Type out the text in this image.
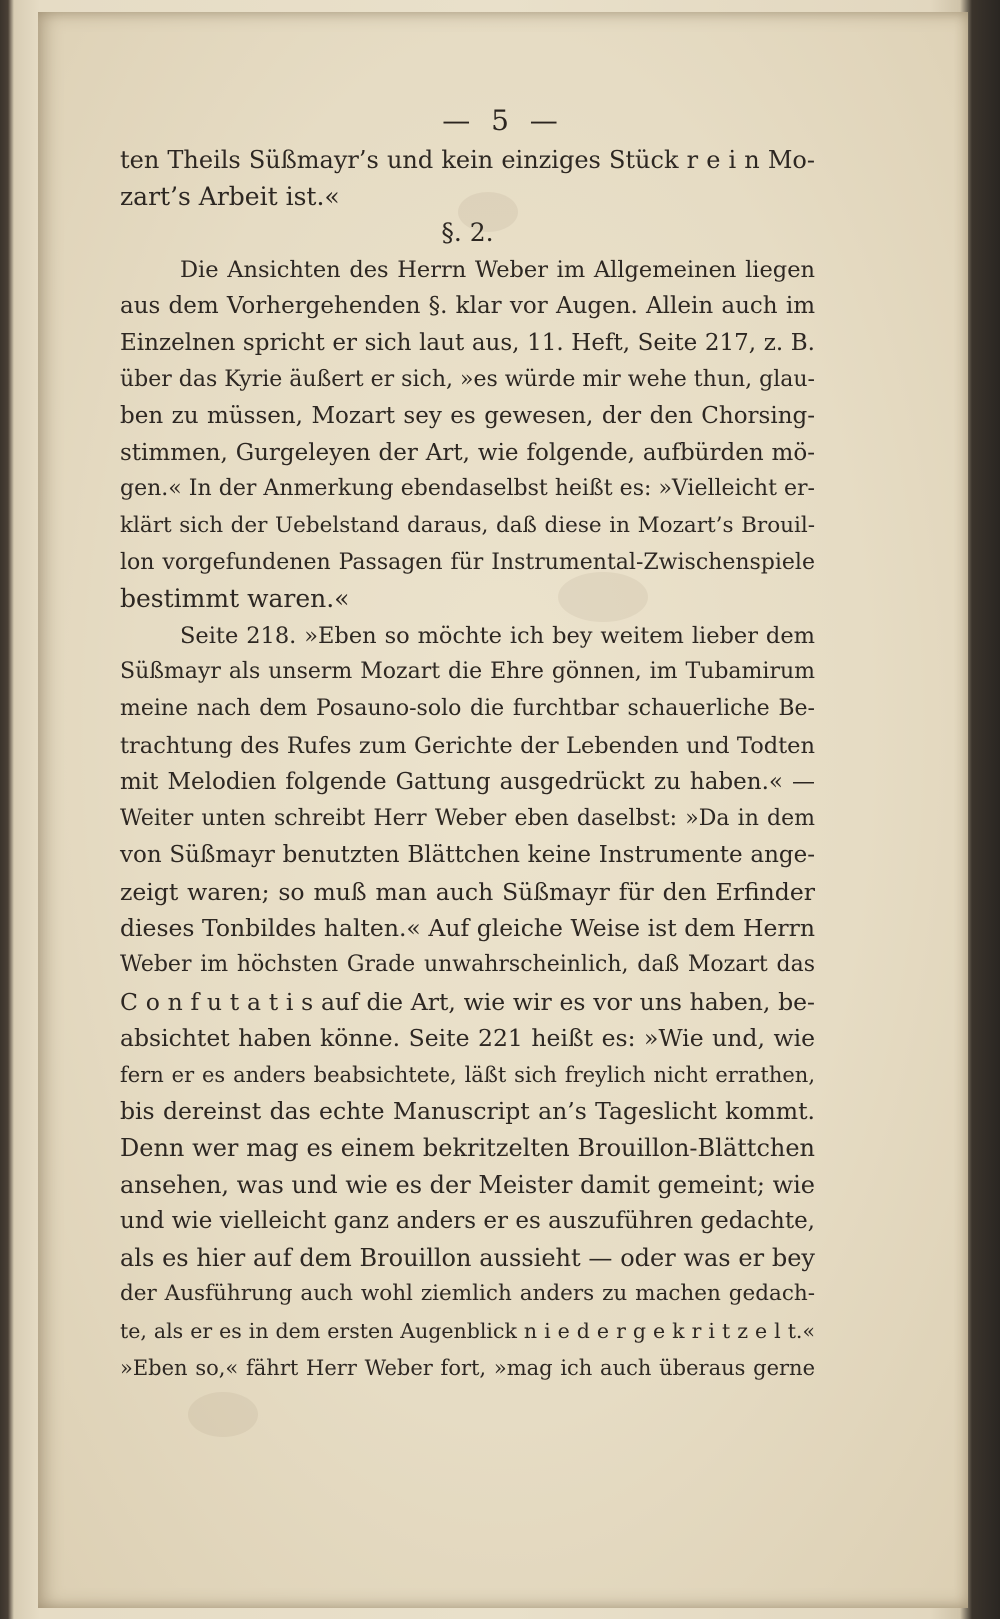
— 5 —
ten Theils Süßmayr’s und kein einziges Stück r e i n Mo-
zart’s Arbeit ist.«
§. 2.
Die Ansichten des Herrn Weber im Allgemeinen liegen
aus dem Vorhergehenden §. klar vor Augen. Allein auch im
Einzelnen spricht er sich laut aus, 11. Heft, Seite 217, z. B.
über das Kyrie äußert er sich, »es würde mir wehe thun, glau-
ben zu müssen, Mozart sey es gewesen, der den Chorsing-
stimmen, Gurgeleyen der Art, wie folgende, aufbürden mö-
gen.« In der Anmerkung ebendaselbst heißt es: »Vielleicht er-
klärt sich der Uebelstand daraus, daß diese in Mozart’s Brouil-
lon vorgefundenen Passagen für Instrumental-Zwischenspiele
bestimmt waren.«
Seite 218. »Eben so möchte ich bey weitem lieber dem
Süßmayr als unserm Mozart die Ehre gönnen, im Tubamirum
meine nach dem Posauno-solo die furchtbar schauerliche Be-
trachtung des Rufes zum Gerichte der Lebenden und Todten
mit Melodien folgende Gattung ausgedrückt zu haben.« —
Weiter unten schreibt Herr Weber eben daselbst: »Da in dem
von Süßmayr benutzten Blättchen keine Instrumente ange-
zeigt waren; so muß man auch Süßmayr für den Erfinder
dieses Tonbildes halten.« Auf gleiche Weise ist dem Herrn
Weber im höchsten Grade unwahrscheinlich, daß Mozart das
C o n f u t a t i s auf die Art, wie wir es vor uns haben, be-
absichtet haben könne. Seite 221 heißt es: »Wie und, wie
fern er es anders beabsichtete, läßt sich freylich nicht errathen,
bis dereinst das echte Manuscript an’s Tageslicht kommt.
Denn wer mag es einem bekritzelten Brouillon-Blättchen
ansehen, was und wie es der Meister damit gemeint; wie
und wie vielleicht ganz anders er es auszuführen gedachte,
als es hier auf dem Brouillon aussieht — oder was er bey
der Ausführung auch wohl ziemlich anders zu machen gedach-
te, als er es in dem ersten Augenblick n i e d e r g e k r i t z e l t.«
»Eben so,« fährt Herr Weber fort, »mag ich auch überaus gerne
